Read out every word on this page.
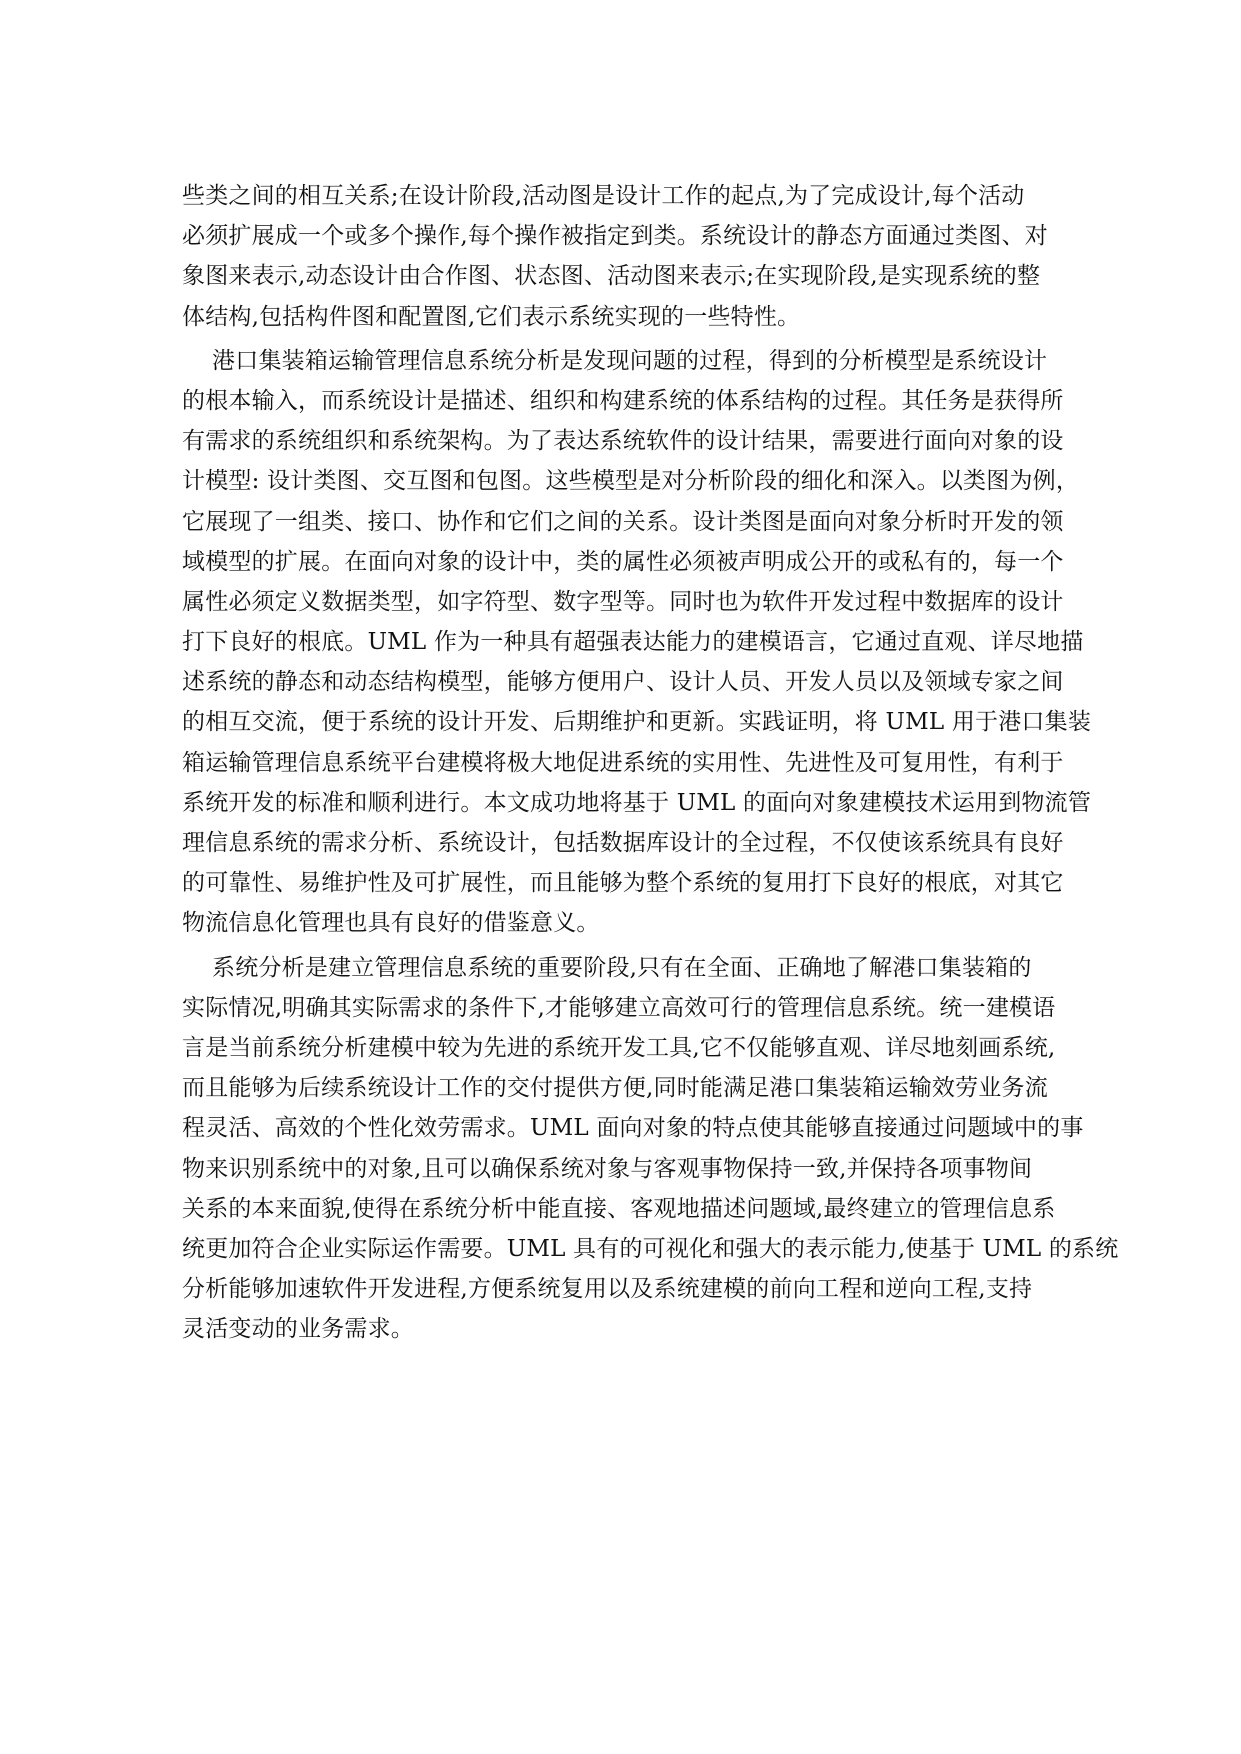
些类之间的相互关系;在设计阶段,活动图是设计工作的起点,为了完成设计,每个活动
必须扩展成一个或多个操作,每个操作被指定到类。系统设计的静态方面通过类图、对
象图来表示,动态设计由合作图、状态图、活动图来表示;在实现阶段,是实现系统的整
体结构,包括构件图和配置图,它们表示系统实现的一些特性。
港口集装箱运输管理信息系统分析是发现问题的过程，得到的分析模型是系统设计
的根本输入，而系统设计是描述、组织和构建系统的体系结构的过程。其任务是获得所
有需求的系统组织和系统架构。为了表达系统软件的设计结果，需要进行面向对象的设
计模型: 设计类图、交互图和包图。这些模型是对分析阶段的细化和深入。以类图为例，
它展现了一组类、接口、协作和它们之间的关系。设计类图是面向对象分析时开发的领
域模型的扩展。在面向对象的设计中，类的属性必须被声明成公开的或私有的，每一个
属性必须定义数据类型，如字符型、数字型等。同时也为软件开发过程中数据库的设计
打下良好的根底。UML 作为一种具有超强表达能力的建模语言，它通过直观、详尽地描
述系统的静态和动态结构模型，能够方便用户、设计人员、开发人员以及领域专家之间
的相互交流，便于系统的设计开发、后期维护和更新。实践证明，将 UML 用于港口集装
箱运输管理信息系统平台建模将极大地促进系统的实用性、先进性及可复用性，有利于
系统开发的标准和顺利进行。本文成功地将基于 UML 的面向对象建模技术运用到物流管
理信息系统的需求分析、系统设计，包括数据库设计的全过程，不仅使该系统具有良好
的可靠性、易维护性及可扩展性，而且能够为整个系统的复用打下良好的根底，对其它
物流信息化管理也具有良好的借鉴意义。
系统分析是建立管理信息系统的重要阶段,只有在全面、正确地了解港口集装箱的
实际情况,明确其实际需求的条件下,才能够建立高效可行的管理信息系统。统一建模语
言是当前系统分析建模中较为先进的系统开发工具,它不仅能够直观、详尽地刻画系统,
而且能够为后续系统设计工作的交付提供方便,同时能满足港口集装箱运输效劳业务流
程灵活、高效的个性化效劳需求。UML 面向对象的特点使其能够直接通过问题域中的事
物来识别系统中的对象,且可以确保系统对象与客观事物保持一致,并保持各项事物间
关系的本来面貌,使得在系统分析中能直接、客观地描述问题域,最终建立的管理信息系
统更加符合企业实际运作需要。UML 具有的可视化和强大的表示能力,使基于 UML 的系统
分析能够加速软件开发进程,方便系统复用以及系统建模的前向工程和逆向工程,支持
灵活变动的业务需求。
